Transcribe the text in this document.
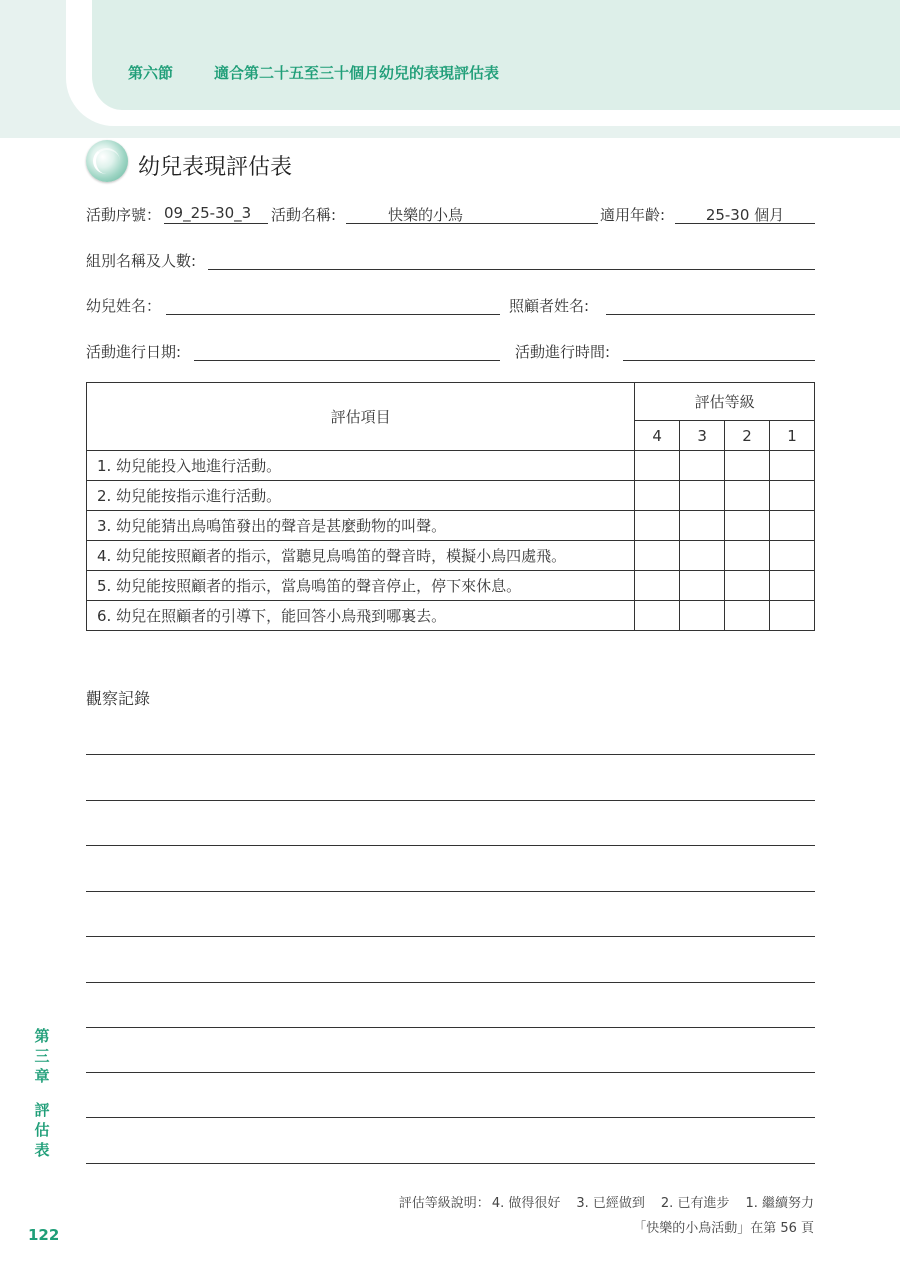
第六節	適合第二十五至三十個月幼兒的表現評估表
幼兒表現評估表
活動序號： 09_25-30_3	活動名稱:	快樂的小鳥	適用年齡:	25-30 個月
組別名稱及人數:
幼兒姓名：	照顧者姓名:
活動進行日期:	活動進行時間:
評估項目	評估等級			
	4	3	2	1
1. 幼兒能投入地進行活動。				
2. 幼兒能按指示進行活動。				
3. 幼兒能猜出鳥鳴笛發出的聲音是甚麼動物的叫聲。				
4. 幼兒能按照顧者的指示，當聽見鳥鳴笛的聲音時，模擬小鳥四處飛。				
5. 幼兒能按照顧者的指示，當鳥鳴笛的聲音停止，停下來休息。				
6. 幼兒在照顧者的引導下，能回答小鳥飛到哪裏去。				
觀察記錄
第
三
章
評
估
表
122
評估等級說明： 4. 做得很好 3. 已經做到 2. 已有進步 1. 繼續努力
「快樂的小鳥活動」在第 56 頁
